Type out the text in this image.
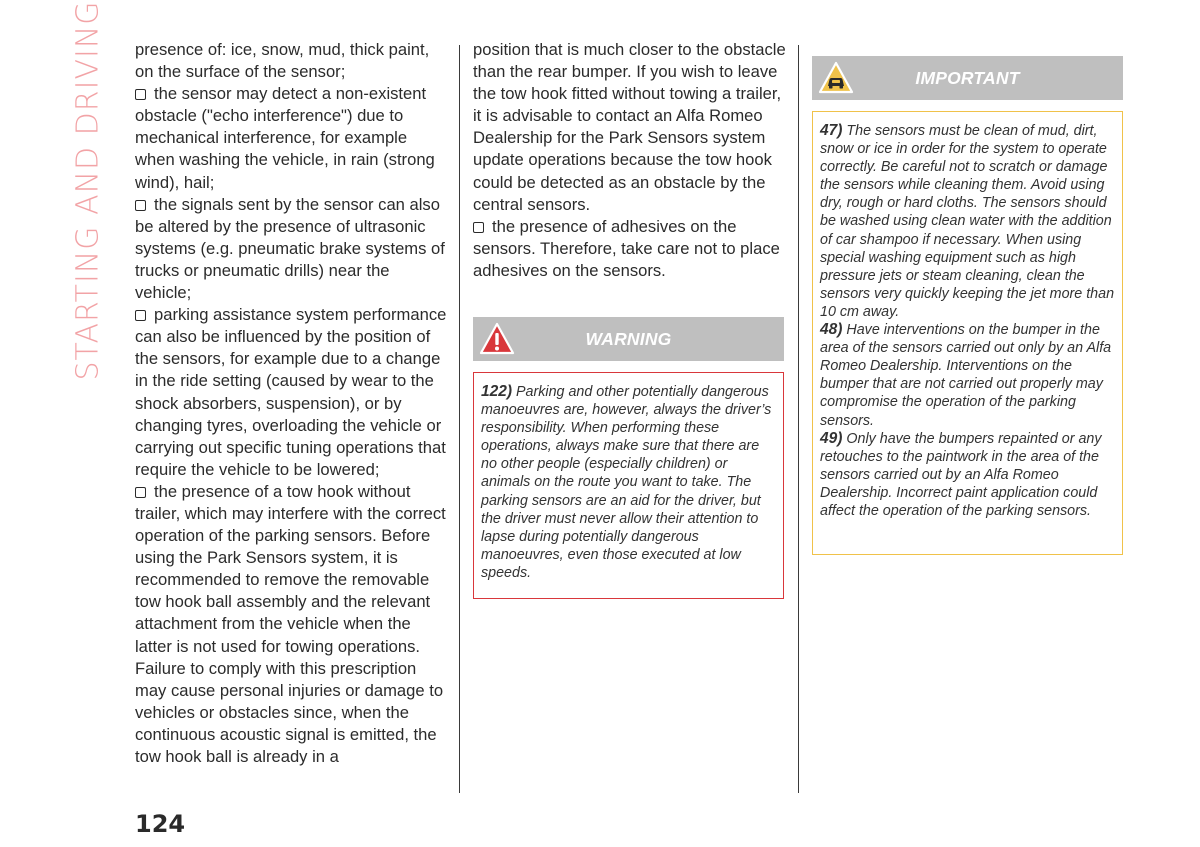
STARTING AND DRIVING presence of: ice, snow, mud, thick paint, on the surface of the sensor;

the sensor may detect a non-existent obstacle ("echo interference") due to mechanical interference, for example when washing the vehicle, in rain (strong wind), hail;

the signals sent by the sensor can also be altered by the presence of ultrasonic systems (e.g. pneumatic brake systems of trucks or pneumatic drills) near the vehicle;

parking assistance system performance can also be influenced by the position of the sensors, for example due to a change in the ride setting (caused by wear to the shock absorbers, suspension), or by changing tyres, overloading the vehicle or carrying out specific tuning operations that require the vehicle to be lowered;

the presence of a tow hook without trailer, which may interfere with the correct operation of the parking sensors. Before using the Park Sensors system, it is recommended to remove the removable tow hook ball assembly and the relevant attachment from the vehicle when the latter is not used for towing operations. Failure to comply with this prescription may cause personal injuries or damage to vehicles or obstacles since, when the continuous acoustic signal is emitted, the tow hook ball is already in a

position that is much closer to the obstacle than the rear bumper. If you wish to leave the tow hook fitted without towing a trailer, it is advisable to contact an Alfa Romeo Dealership for the Park Sensors system update operations because the tow hook could be detected as an obstacle by the central sensors.

the presence of adhesives on the sensors. Therefore, take care not to place adhesives on the sensors.

WARNING

122) Parking and other potentially dangerous manoeuvres are, however, always the driver’s responsibility. When performing these operations, always make sure that there are no other people (especially children) or animals on the route you want to take. The parking sensors are an aid for the driver, but the driver must never allow their attention to lapse during potentially dangerous manoeuvres, even those executed at low speeds.

IMPORTANT

47) The sensors must be clean of mud, dirt, snow or ice in order for the system to operate correctly. Be careful not to scratch or damage the sensors while cleaning them. Avoid using dry, rough or hard cloths. The sensors should be washed using clean water with the addition of car shampoo if necessary. When using special washing equipment such as high pressure jets or steam cleaning, clean the sensors very quickly keeping the jet more than 10 cm away.

48) Have interventions on the bumper in the area of the sensors carried out only by an Alfa Romeo Dealership. Interventions on the bumper that are not carried out properly may compromise the operation of the parking sensors.

49) Only have the bumpers repainted or any retouches to the paintwork in the area of the sensors carried out by an Alfa Romeo Dealership. Incorrect paint application could affect the operation of the parking sensors.

124
